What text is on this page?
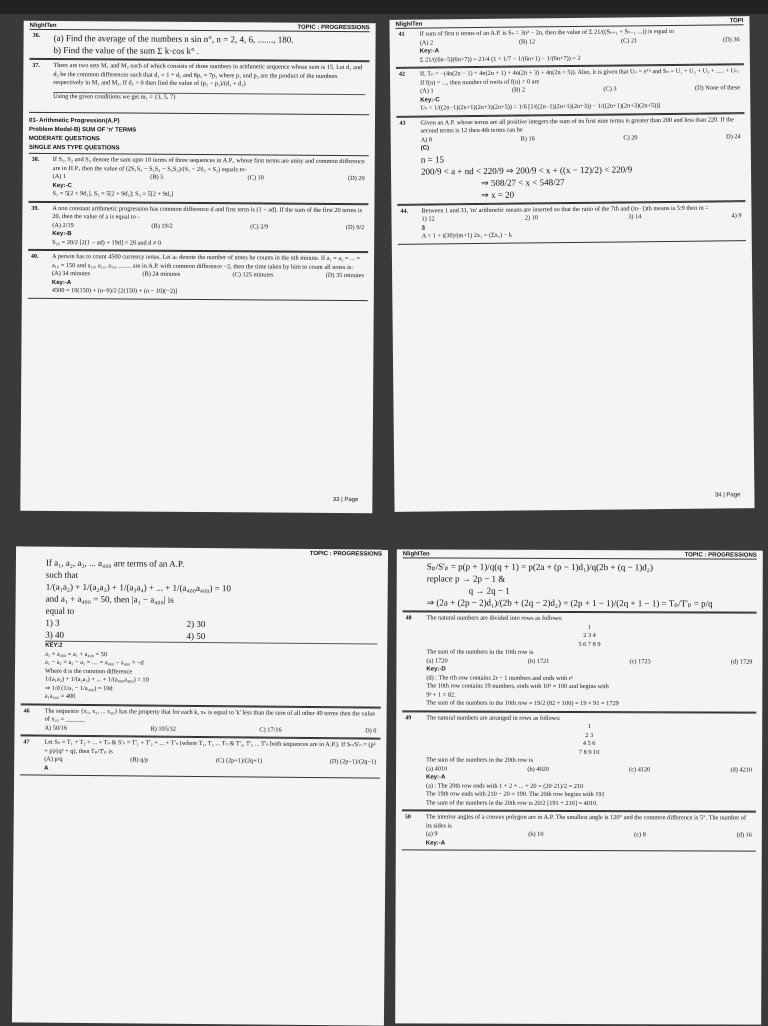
NlighITen	TOPIC : PROGRESSIONS
36. (a) Find the average of the numbers n sin n°, n = 2, 4, 6, ......., 180.
b) Find the value of the sum Σ k·cos k° .
37. There are two sets M₁ and M₂ each of which consists of three numbers in arithmetic sequence whose sum is 15. Let d₁ and d₂ be the common differences such that d₁ = 1 + d₂ and 8p₁ = 7p₂ where p₁ and p₂ are the product of the numbers respectively in M₁ and M₂. If d₂ > 0 then find the value of (p₂ − p₁)/(d₁ + d₂)
Using the given conditions we get m₁ = {3, 5, 7}
01- Arithmetic Progression(A.P)
Problem Model-B) SUM OF 'n' TERMS
MODERATE QUESTIONS
SINGLE ANS TYPE QUESTIONS
38. If S₁, S₂ and S₃ denote the sum upto 10 terms of three sequences in A.P., whose first terms are unity and common difference are in H.P., then the value of (2S₁S₃ − S₁S₂ − S₂S₃)/(S₁ − 2S₂ + S₃) equals to-
(A) 1	(B) 5	(C) 10	(D) 20
Key:-C
S₁ = 5[2 + 9d₁], S₂ = 5[2 + 9d₂]; S₃ = 5[2 + 9d₃]
39. A non constant arithmetic progression has common difference d and first term is (1 − ad). If the sum of the first 20 terms is 20, then the value of a is equal to -
(A) 2/19	(B) 19/2	(C) 2/9	(D) 9/2
Key:-B
S₂₀ = 20/2 [2(1 − ad) + 19d] = 20 and d ≠ 0
40. A person has to count 4500 currency notes. Let aₙ denote the number of notes he counts in the nth minute. If a₁ = a₂ = ... = a₁₀ = 150 and a₁₀, a₁₁, a₁₂, ........ are in A.P. with common difference −2, then the time taken by him to count all notes is:
(A) 34 minutes	(B) 24 minutes	(C) 125 minutes	(D) 35 minutes
Key:-A
4500 = 10(150) + (n−9)/2 [2(150) + (n − 10)(−2)]
33 | Page
NlighITen
TOPI
41 If sum of first n terms of an A.P. is Sₙ = 3n² − 2n, then the value of Σ 21/((Sₙ₊₁ + Sₙ₋₁ ...)) is equal to
(A) 2	(B) 12	(C) 21	(D) 36
Key:-A
Σ 21/((6n−5)(6n+7)) = 21/4 (1 + 1/7 − 1/(6n+1) − 1/(6n+7)) = 2
42 If, Tₙ = −(4n(2n − 1) + 4n(2n + 1) + 4n(2n + 3) + 4n(2n + 5)). Also, it is given that Uₙ = eᵀⁿ and Sₙ = U₁ + U₂ + U₃ + ..... + Uₙ. If f(n) = ..., then number of roots of f(n) = 0 are
(A) 1	(B) 2	(C) 3	(D) None of these
Key:-C
Uₙ = 1/((2n−1)(2n+1)(2n+3)(2n+5)) = 1/6 [1/((2n−1)(2n+1)(2n+3)) − 1/((2n+1)(2n+3)(2n+5))]
43 Given an A.P. whose terms are all positive integers the sum of its first nine terms is greater than 200 and less than 220. If the second terms is 12 then 4th terms can be
A) 8	B) 16	C) 20	D) 24
(C)
n = 15
200/9 < a + nd < 220/9 ⇒ 200/9 < x + ((x − 12)/2) < 220/9
⇒ 508/27 < x < 548/27
⇒ x = 20
44. Between 1 and 31, 'm' arithmetic means are inserted so that the ratio of the 7th and (m−1)th means is 5:9 then m =
1) 12	2) 10	3) 14	4) 9
3
A = 1 + i(30)/(m+1) 2x₁ = (Σx₁) − k
34 | Page
TOPIC : PROGRESSIONS
If a₁, a₂, a₃, ... a₄₀₀ are terms of an A.P.
such that
1/(a₁a₂) + 1/(a₂a₃) + 1/(a₃a₄) + ... + 1/(a₄₀₀a₄₀₀) = 10
and a₁ + a₄₀₀ = 50, then |a₁ − a₄₀₀| is
equal to
1) 3	2) 30
3) 40	4) 50
KEY:2
a₁ + a₄₀₀ = a₁ + a₄₀₀ = 50
a₁ − a₂ = a₂ − a₃ = .... = a₄₀₀ − a₄₀₀ = −d
Where d is the common difference
1/(a₁a₂) + 1/(a₂a₃) + ... + 1/(a₄₀₀a₄₀₀) = 10
⇒ 1/d (1/a₁ − 1/a₄₀₀) = 10d
a₁a₄₀₀ = 400
46 The sequence {x₁, x₂, ... x₅₀} has the property that for each k, xₖ is equal to 'k' less than the sum of all other 49 terms then the value of x₂₅ = ______
A) 50/16	B) 105/32	C) 17/16	D) 0
47 Let Sₙ = T₁ + T₂ + ... + Tₙ & S'ₙ = T'₁ + T'₂ + ... + T'ₙ (where T₁, T₂ ... Tₙ & T'₁, T'₂ ... T'ₙ both sequences are in A.P.). If Sₙ/S'ₙ = (p² + p)/(q² + q), then Tₚ/T'ₚ is
(A) p/q	(B) q/p	(C) (2p+1)/(2q+1)	(D) (2p−1)/(2q−1)
A
NlighITen	TOPIC : PROGRESSIONS
Sₚ/S'ₚ = p(p + 1)/q(q + 1) = p(2a + (p − 1)d₁)/q(2b + (q − 1)d₂)
replace p → 2p − 1 &
q → 2q − 1
⇒ (2a + (2p − 2)d₁)/(2b + (2q − 2)d₂) = (2p + 1 − 1)/(2q + 1 − 1) = Tₚ/T'ₚ = p/q
48 The natural numbers are divided into rows as follows:
1
2 3 4
5 6 7 8 9
The sum of the numbers in the 10th row is
(a) 1720	(b) 1721	(c) 1723	(d) 1729
Key:-D
(d) : The rth row contains 2r − 1 numbers and ends with r²
The 10th row contains 19 numbers, ends with 10² = 100 and begins with
9² + 1 = 82.
The sum of the numbers in the 10th row = 19/2 (82 + 100) = 19 × 91 = 1729
49 The natural numbers are arranged in rows as follows:
1
2 3
4 5 6
7 8 9 10
The sum of the numbers in the 20th row is
(a) 4010	(b) 4020	(c) 4120	(d) 4210
Key:-A
(a) : The 20th row ends with 1 + 2 + ... + 20 = (20·21)/2 = 210
The 19th row ends with 210 − 20 = 190. The 20th row begins with 191
The sum of the numbers in the 20th row is 20/2 [191 + 210] = 4010.
50 The interior angles of a convex polygon are in A.P. The smallest angle is 120° and the common difference is 5°. The number of its sides is
(a) 9	(b) 10	(c) 8	(d) 16
Key:-A
